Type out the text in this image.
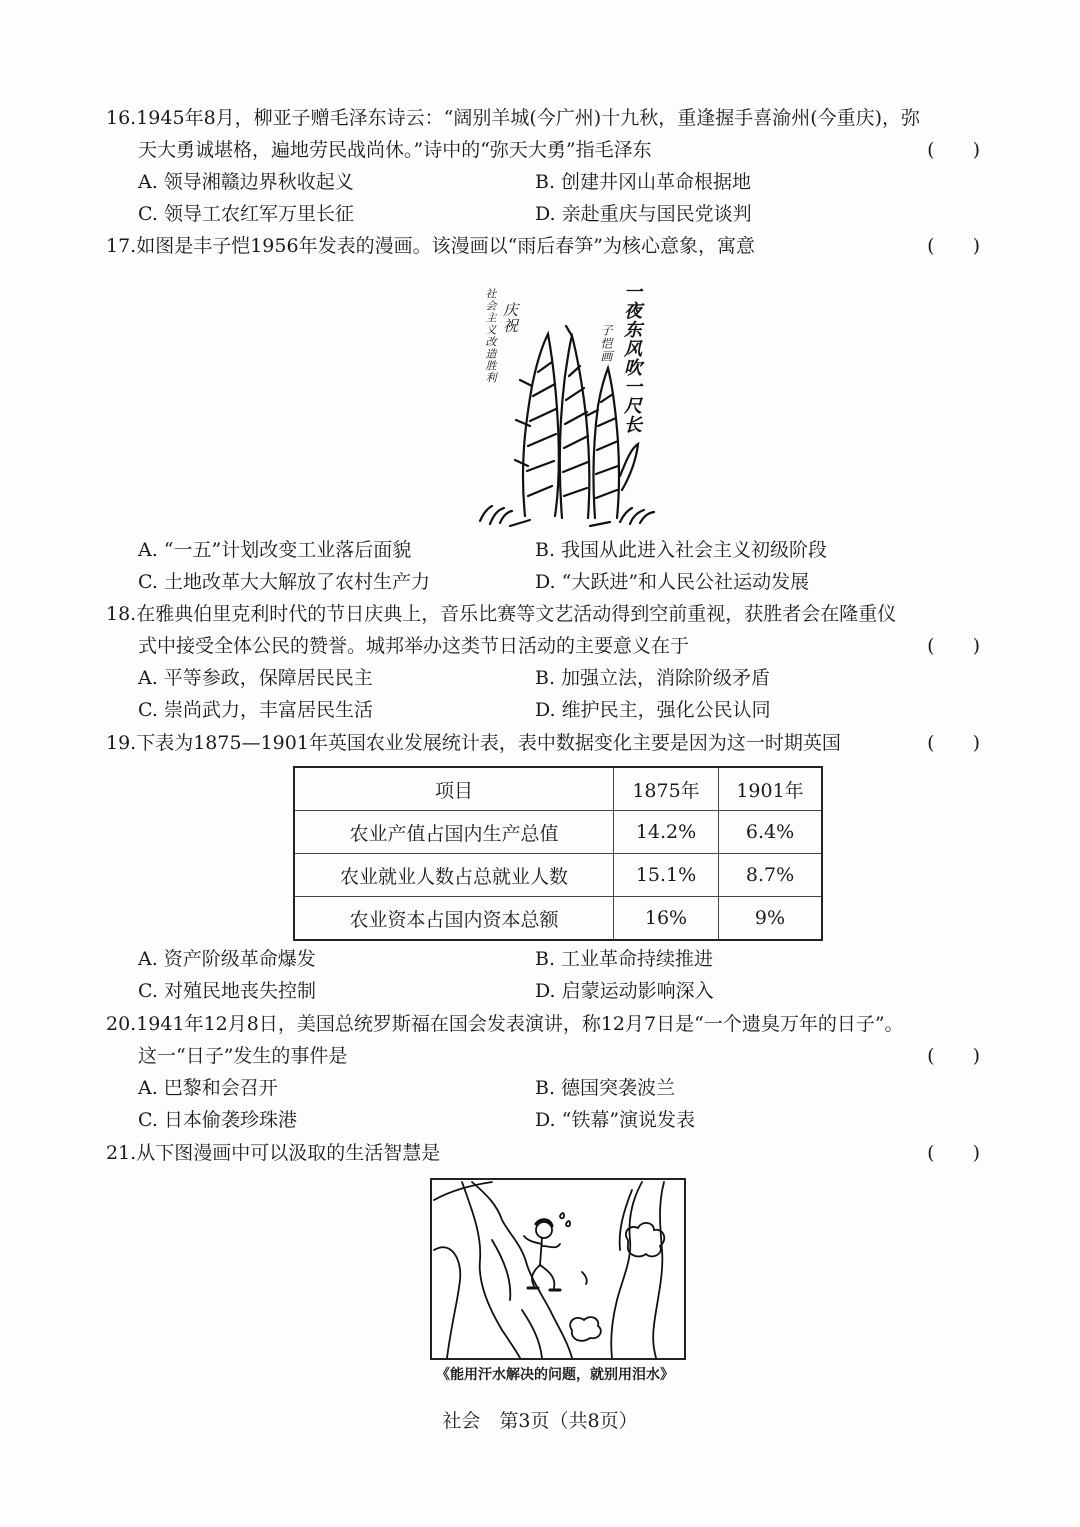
16.1945年8月，柳亚子赠毛泽东诗云：“阔别羊城(今广州)十九秋，重逢握手喜渝州(今重庆)，弥
天大勇诚堪格，遍地劳民战尚休。”诗中的“弥天大勇”指毛泽东	(　　)
A. 领导湘赣边界秋收起义	B. 创建井冈山革命根据地
C. 领导工农红军万里长征	D. 亲赴重庆与国民党谈判
17.如图是丰子恺1956年发表的漫画。该漫画以“雨后春笋”为核心意象，寓意	(　　)
社会主义改造胜利 庆祝	一夜东风吹一尺长
子恺画
A. “一五”计划改变工业落后面貌	B. 我国从此进入社会主义初级阶段
C. 土地改革大大解放了农村生产力	D. “大跃进”和人民公社运动发展
18.在雅典伯里克利时代的节日庆典上，音乐比赛等文艺活动得到空前重视，获胜者会在隆重仪
式中接受全体公民的赞誉。城邦举办这类节日活动的主要意义在于	(　　)
A. 平等参政，保障居民民主	B. 加强立法，消除阶级矛盾
C. 崇尚武力，丰富居民生活	D. 维护民主，强化公民认同
19.下表为1875—1901年英国农业发展统计表，表中数据变化主要是因为这一时期英国	(　　)
项目	1875年	1901年
农业产值占国内生产总值	14.2%	6.4%
农业就业人数占总就业人数	15.1%	8.7%
农业资本占国内资本总额	16%	9%
A. 资产阶级革命爆发	B. 工业革命持续推进
C. 对殖民地丧失控制	D. 启蒙运动影响深入
20.1941年12月8日，美国总统罗斯福在国会发表演讲，称12月7日是“一个遗臭万年的日子”。
这一“日子”发生的事件是	(　　)
A. 巴黎和会召开	B. 德国突袭波兰
C. 日本偷袭珍珠港	D. “铁幕”演说发表
21.从下图漫画中可以汲取的生活智慧是	(　　)
《能用汗水解决的问题，就别用泪水》
社会　第3页（共8页）
